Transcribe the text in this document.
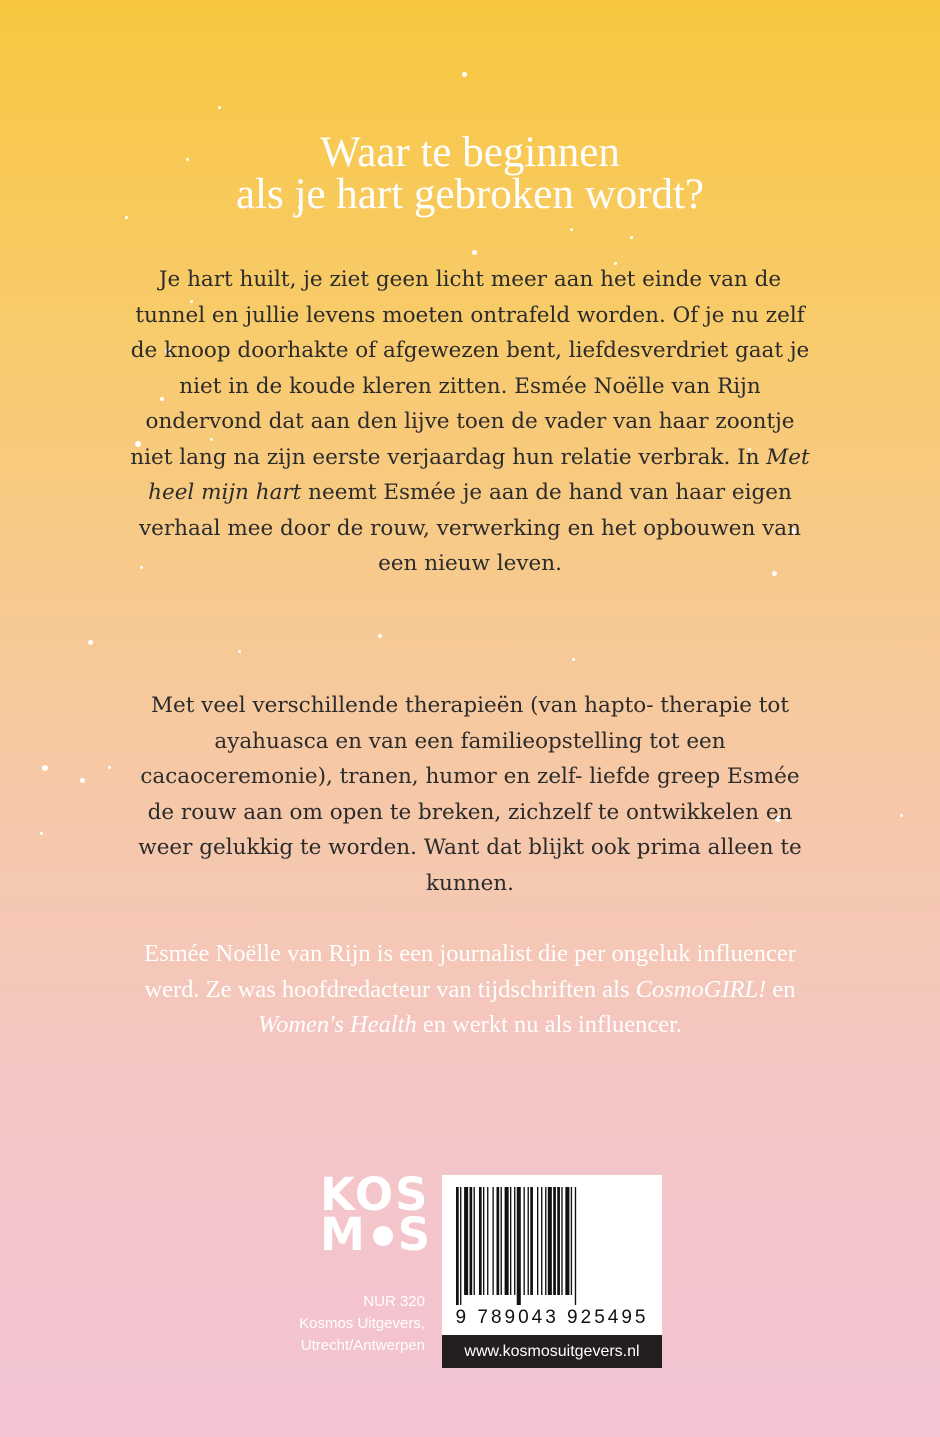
Waar te beginnen
als je hart gebroken wordt?
Je hart huilt, je ziet geen licht meer aan het einde van de tunnel en jullie levens moeten ontrafeld worden. Of je nu zelf de knoop doorhakte of afgewezen bent, liefdesverdriet gaat je niet in de koude kleren zitten. Esmée Noëlle van Rijn ondervond dat aan den lijve toen de vader van haar zoontje niet lang na zijn eerste verjaardag hun relatie verbrak. In Met heel mijn hart neemt Esmée je aan de hand van haar eigen verhaal mee door de rouw, verwerking en het opbouwen van een nieuw leven.
Met veel verschillende therapieën (van hapto- therapie tot ayahuasca en van een familieopstelling tot een cacaoceremonie), tranen, humor en zelf- liefde greep Esmée de rouw aan om open te breken, zichzelf te ontwikkelen en weer gelukkig te worden. Want dat blijkt ook prima alleen te kunnen.
Esmée Noëlle van Rijn is een journalist die per ongeluk influencer werd. Ze was hoofdredacteur van tijdschriften als CosmoGIRL! en Women's Health en werkt nu als influencer.
KOS
M S
NUR 320
Kosmos Uitgevers,
Utrecht/Antwerpen
9 789043 925495
www.kosmosuitgevers.nl
